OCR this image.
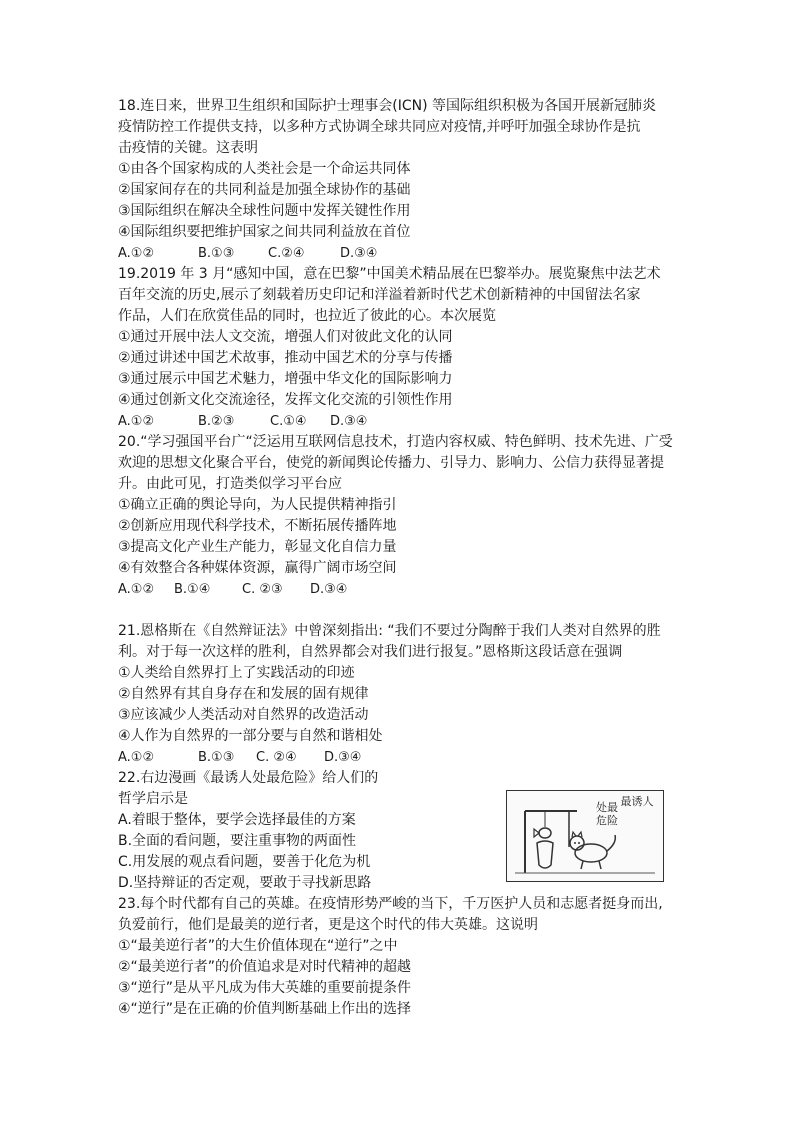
18.连日来，世界卫生组织和国际护士理事会(ICN) 等国际组织积极为各国开展新冠肺炎
疫情防控工作提供支持，以多种方式协调全球共同应对疫情,并呼吁加强全球协作是抗
击疫情的关键。这表明
①由各个国家构成的人类社会是一个命运共同体
②国家间存在的共同利益是加强全球协作的基础
③国际组织在解决全球性问题中发挥关键性作用
④国际组织要把维护国家之间共同利益放在首位
A.①②	B.①③	C.②④	D.③④
19.2019 年 3 月“感知中国，意在巴黎”中国美术精品展在巴黎举办。展览聚焦中法艺术
百年交流的历史,展示了刻载着历史印记和洋溢着新时代艺术创新精神的中国留法名家
作品，人们在欣赏佳品的同时，也拉近了彼此的心。本次展览
①通过开展中法人文交流，增强人们对彼此文化的认同
②通过讲述中国艺术故事，推动中国艺术的分享与传播
③通过展示中国艺术魅力，增强中华文化的国际影响力
④通过创新文化交流途径，发挥文化交流的引领性作用
A.①②	B.②③	C.①④ D.③④
20.“学习强国平台广“泛运用互联网信息技术，打造内容权威、特色鲜明、技术先进、广受
欢迎的思想文化聚合平台，使党的新闻舆论传播力、引导力、影响力、公信力获得显著提
升。由此可见，打造类似学习平台应
①确立正确的舆论导向，为人民提供精神指引
②创新应用现代科学技术，不断拓展传播阵地
③提高文化产业生产能力，彰显文化自信力量
④有效整合各种媒体资源，赢得广阔市场空间
A.①② B.①④ C. ②③ D.③④
21.恩格斯在《自然辩证法》中曾深刻指出: “我们不要过分陶醉于我们人类对自然界的胜
利。对于每一次这样的胜利，自然界都会对我们进行报复。”恩格斯这段话意在强调
①人类给自然界打上了实践活动的印迹
②自然界有其自身存在和发展的固有规律
③应该减少人类活动对自然界的改造活动
④人作为自然界的一部分要与自然和谐相处
A.①②	B.①③ C. ②④ D.③④
22.右边漫画《最诱人处最危险》给人们的
哲学启示是
A.着眼于整体，要学会选择最佳的方案
B.全面的看问题，要注重事物的两面性
C.用发展的观点看问题，要善于化危为机
D.坚持辩证的否定观，要敢于寻找新思路
最诱人
处最危险
23.每个时代都有自己的英雄。在疫情形势严峻的当下，千万医护人员和志愿者挺身而出,
负爱前行，他们是最美的逆行者，更是这个时代的伟大英雄。这说明
①“最美逆行者”的大生价值体现在“逆行”之中
②“最美逆行者”的价值追求是对时代精神的超越
③“逆行”是从平凡成为伟大英雄的重要前提条件
④“逆行”是在正确的价值判断基础上作出的选择
